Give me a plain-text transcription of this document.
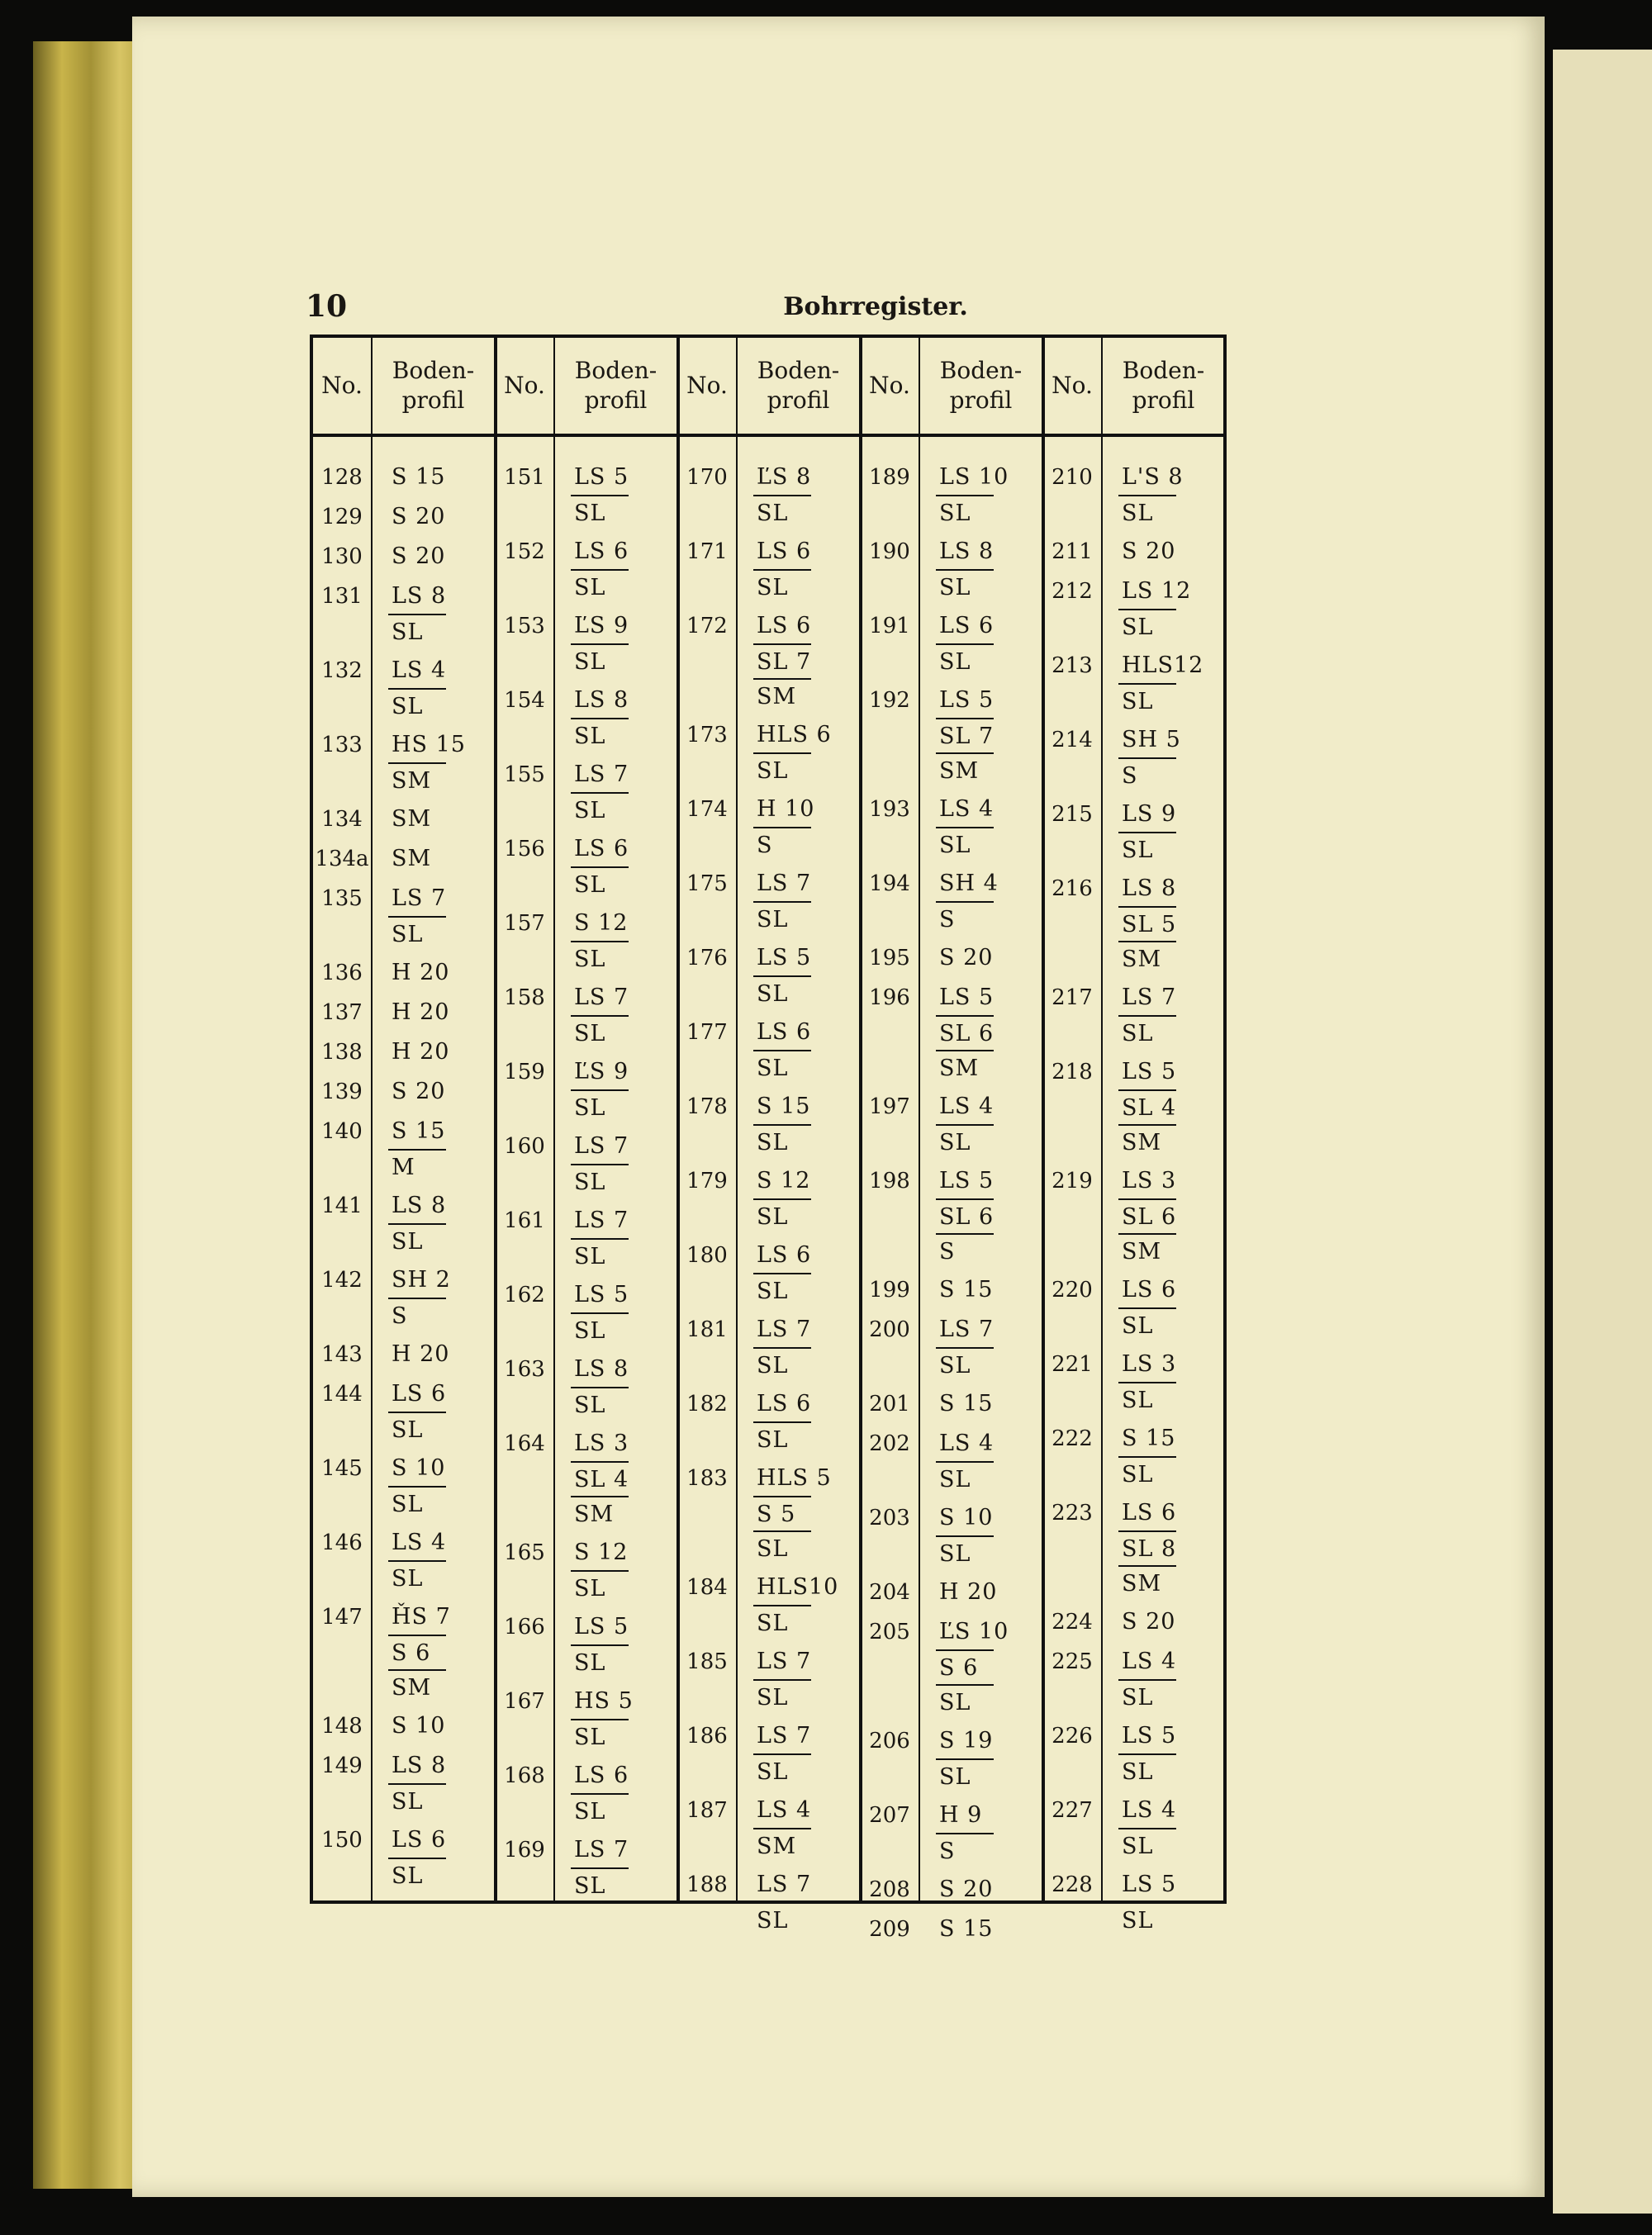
10	Bohrregister.
No.
Boden-
profil
No.
Boden-
profil
No.
Boden-
profil
No.
Boden-
profil
No.
Boden-
profil
128	S 15
129	S 20
130	S 20
131	LS 8
SL
132	LS 4
SL
133	HS 15
SM
134	SM
134a	SM
135	LS 7
SL
136	H 20
137	H 20
138	H 20
139	S 20
140	S 15
M
141	LS 8
SL
142	SH 2
S
143	H 20
144	LS 6
SL
145	S 10
SL
146	LS 4
SL
147	ȞS 7
S 6
SM
148	S 10
149	LS 8
SL
150	LS 6
SL
151	LS 5
SL
152	LS 6
SL
153	ĽS 9
SL
154	LS 8
SL
155	LS 7
SL
156	LS 6
SL
157	S 12
SL
158	LS 7
SL
159	ĽS 9
SL
160	LS 7
SL
161	LS 7
SL
162	LS 5
SL
163	LS 8
SL
164	LS 3
SL 4
SM
165	S 12
SL
166	LS 5
SL
167	HS 5
SL
168	LS 6
SL
169	LS 7
SL
170	ĽS 8
SL
171	LS 6
SL
172	LS 6
SL 7
SM
173	HLS 6
SL
174	H 10
S
175	LS 7
SL
176	LS 5
SL
177	LS 6
SL
178	S 15
SL
179	S 12
SL
180	LS 6
SL
181	LS 7
SL
182	LS 6
SL
183	HLS 5
S 5
SL
184	HLS10
SL
185	LS 7
SL
186	LS 7
SL
187	LS 4
SM
188	LS 7
SL
189	LS 10
SL
190	LS 8
SL
191	LS 6
SL
192	LS 5
SL 7
SM
193	LS 4
SL
194	SH 4
S
195	S 20
196	LS 5
SL 6
SM
197	LS 4
SL
198	LS 5
SL 6
S
199	S 15
200	LS 7
SL
201	S 15
202	LS 4
SL
203	S 10
SL
204	H 20
205	ĽS 10
S 6
SL
206	S 19
SL
207	H 9
S
208	S 20
209	S 15
210	L'S 8
SL
211	S 20
212	LS 12
SL
213	HLS12
SL
214	SH 5
S
215	LS 9
SL
216	LS 8
SL 5
SM
217	LS 7
SL
218	LS 5
SL 4
SM
219	LS 3
SL 6
SM
220	LS 6
SL
221	LS 3
SL
222	S 15
SL
223	LS 6
SL 8
SM
224	S 20
225	LS 4
SL
226	LS 5
SL
227	LS 4
SL
228	LS 5
SL
